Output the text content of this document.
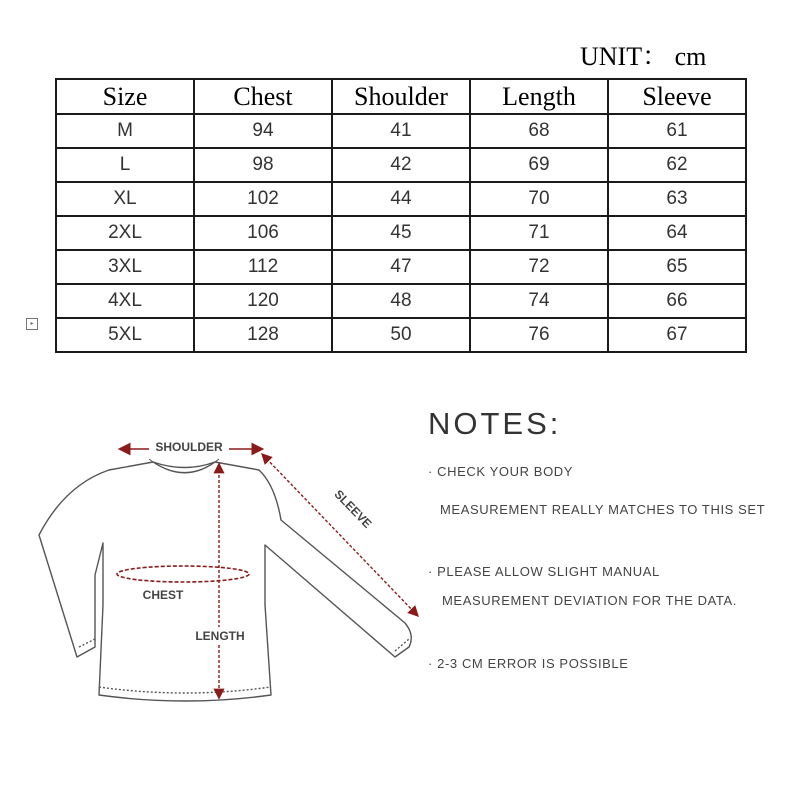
UNIT： cm
Size	Chest	Shoulder	Length	Sleeve
M	94	41	68	61
L	98	42	69	62
XL	102	44	70	63
2XL	106	45	71	64
3XL	112	47	72	65
4XL	120	48	74	66
5XL	128	50	76	67
▸
SHOULDER
SLEEVE
CHEST
LENGTH
NOTES:
· CHECK YOUR BODY
MEASUREMENT REALLY MATCHES TO THIS SET
· PLEASE ALLOW SLIGHT MANUAL
MEASUREMENT DEVIATION FOR THE DATA.
· 2-3 CM ERROR IS POSSIBLE
